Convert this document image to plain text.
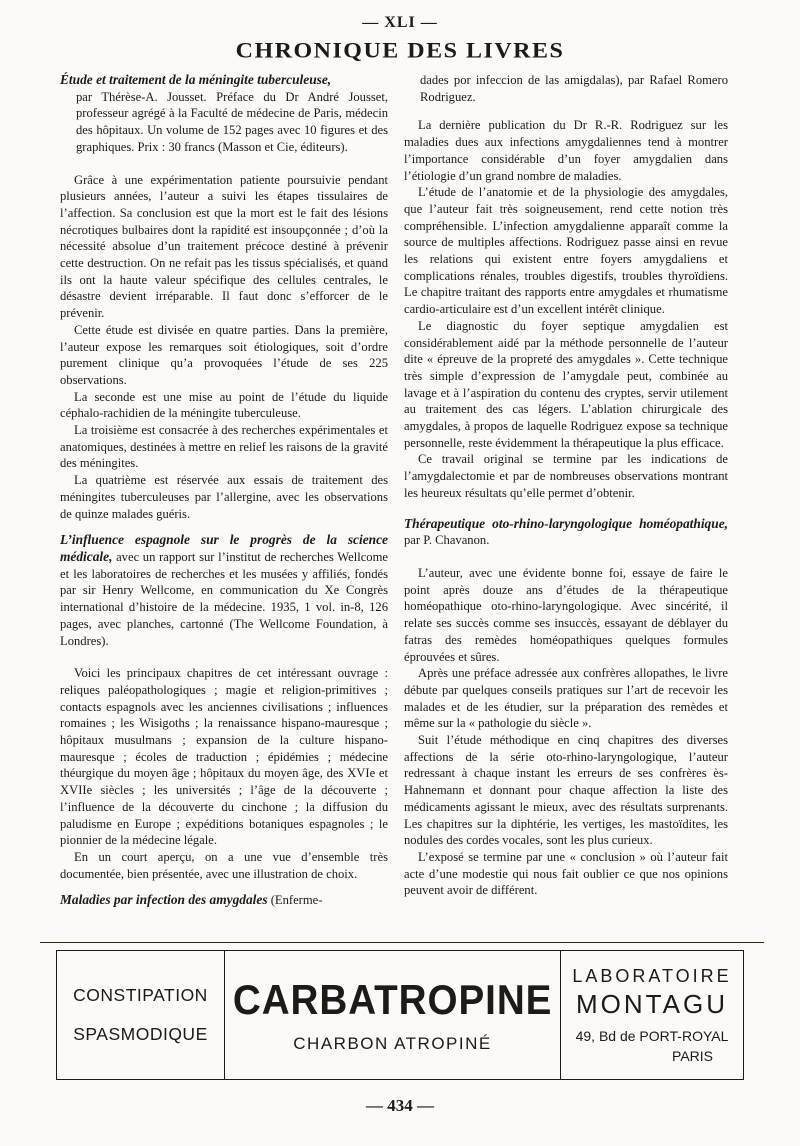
— XLI —
CHRONIQUE DES LIVRES
Étude et traitement de la méningite tuberculeuse,
par Thérèse-A. Jousset. Préface du Dr André Jousset, professeur agrégé à la Faculté de médecine de Paris, médecin des hôpitaux. Un volume de 152 pages avec 10 figures et des graphiques. Prix : 30 francs (Masson et Cie, éditeurs).

Grâce à une expérimentation patiente poursuivie pendant plusieurs années, l’auteur a suivi les étapes tissulaires de l’affection. Sa conclusion est que la mort est le fait des lésions nécrotiques bulbaires dont la rapidité est insoupçonnée ; d’où la nécessité absolue d’un traitement précoce destiné à prévenir cette destruction. On ne refait pas les tissus spécialisés, et quand ils ont la haute valeur spécifique des cellules centrales, le désastre devient irréparable. Il faut donc s’efforcer de le prévenir.

Cette étude est divisée en quatre parties. Dans la première, l’auteur expose les remarques soit étiologiques, soit d’ordre purement clinique qu’a provoquées l’étude de ses 225 observations.

La seconde est une mise au point de l’étude du liquide céphalo-rachidien de la méningite tuberculeuse.

La troisième est consacrée à des recherches expérimentales et anatomiques, destinées à mettre en relief les raisons de la gravité des méningites.

La quatrième est réservée aux essais de traitement des méningites tuberculeuses par l’allergine, avec les observations de quinze malades guéris.

L’influence espagnole sur le progrès de la science médicale, avec un rapport sur l’institut de recherches Wellcome et les laboratoires de recherches et les musées y affiliés, fondés par sir Henry Wellcome, en communication du Xe Congrès international d’histoire de la médecine. 1935, 1 vol. in-8, 126 pages, avec planches, cartonné (The Wellcome Foundation, à Londres).

Voici les principaux chapitres de cet intéressant ouvrage : reliques paléopathologiques ; magie et religion-primitives ; contacts espagnols avec les anciennes civilisations ; influences romaines ; les Wisigoths ; la renaissance hispano-mauresque ; hôpitaux musulmans ; expansion de la culture hispano-mauresque ; écoles de traduction ; épidémies ; médecine théurgique du moyen âge ; hôpitaux du moyen âge, des XVIe et XVIIe siècles ; les universités ; l’âge de la découverte ; l’influence de la découverte du cinchone ; la diffusion du paludisme en Europe ; expéditions botaniques espagnoles ; le pionnier de la médecine légale.

En un court aperçu, on a une vue d’ensemble très documentée, bien présentée, avec une illustration de choix.

Maladies par infection des amygdales (Enferme-
dades por infeccion de las amigdalas), par Rafael Romero Rodriguez.

La dernière publication du Dr R.-R. Rodriguez sur les maladies dues aux infections amygdaliennes tend à montrer l’importance considérable d’un foyer amygdalien dans l’étiologie d’un grand nombre de maladies.

L’étude de l’anatomie et de la physiologie des amygdales, que l’auteur fait très soigneusement, rend cette notion très compréhensible. L’infection amygdalienne apparaît comme la source de multiples affections. Rodriguez passe ainsi en revue les relations qui existent entre foyers amygdaliens et complications rénales, troubles digestifs, troubles thyroïdiens. Le chapitre traitant des rapports entre amygdales et rhumatisme cardio-articulaire est d’un excellent intérêt clinique.

Le diagnostic du foyer septique amygdalien est considérablement aidé par la méthode personnelle de l’auteur dite « épreuve de la propreté des amygdales ». Cette technique très simple d’expression de l’amygdale peut, combinée au lavage et à l’aspiration du contenu des cryptes, servir utilement au traitement des cas légers. L’ablation chirurgicale des amygdales, à propos de laquelle Rodriguez expose sa technique personnelle, reste évidemment la thérapeutique la plus efficace.

Ce travail original se termine par les indications de l’amygdalectomie et par de nombreuses observations montrant les heureux résultats qu’elle permet d’obtenir.

Thérapeutique oto-rhino-laryngologique homéopathique, par P. Chavanon.

L’auteur, avec une évidente bonne foi, essaye de faire le point après douze ans d’études de la thérapeutique homéopathique oto-rhino-laryngologique. Avec sincérité, il relate ses succès comme ses insuccès, essayant de déblayer du fatras des remèdes homéopathiques quelques formules éprouvées et sûres.

Après une préface adressée aux confrères allopathes, le livre débute par quelques conseils pratiques sur l’art de recevoir les malades et de les étudier, sur la préparation des remèdes et même sur la « pathologie du siècle ».

Suit l’étude méthodique en cinq chapitres des diverses affections de la série oto-rhino-laryngologique, l’auteur redressant à chaque instant les erreurs de ses confrères ès-Hahnemann et donnant pour chaque affection la liste des médicaments agissant le mieux, avec des résultats surprenants. Les chapitres sur la diphtérie, les vertiges, les mastoïdites, les nodules des cordes vocales, sont les plus curieux.

L’exposé se termine par une « conclusion » où l’auteur fait acte d’une modestie qui nous fait oublier ce que nos opinions peuvent avoir de différent.

CONSTIPATION
SPASMODIQUE
CARBATROPINE
CHARBON ATROPINÉ
LABORATOIRE
MONTAGU
49, Bd de PORT-ROYAL
PARIS
— 434 —
